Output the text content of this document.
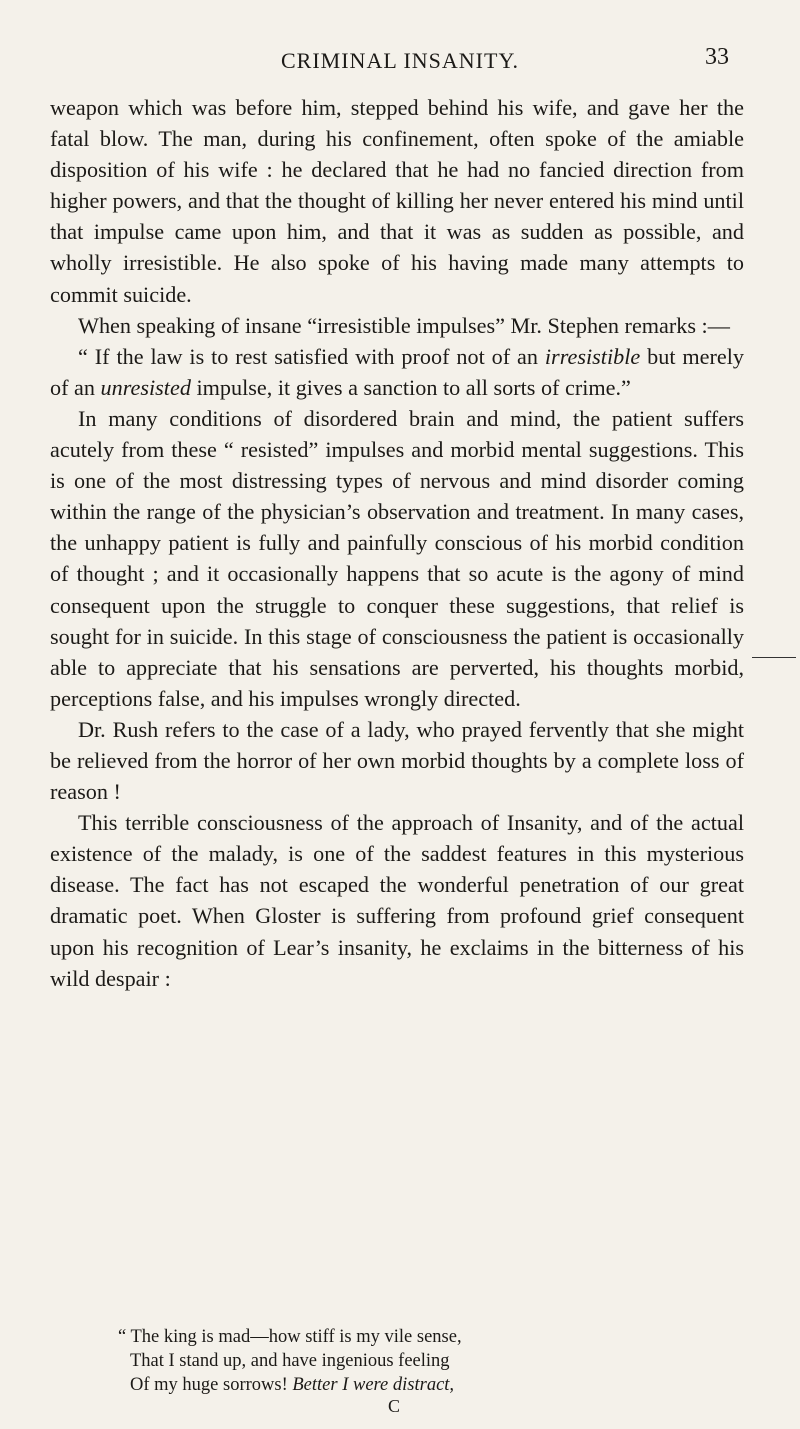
CRIMINAL INSANITY.	33

weapon which was before him, stepped behind his wife, and gave her the fatal blow. The man, during his confinement, often spoke of the amiable disposition of his wife : he declared that he had no fancied direction from higher powers, and that the thought of killing her never entered his mind until that impulse came upon him, and that it was as sudden as possible, and wholly irresistible. He also spoke of his having made many attempts to commit suicide.

When speaking of insane “irresistible impulses” Mr. Stephen remarks :—

“ If the law is to rest satisfied with proof not of an irresistible but merely of an unresisted impulse, it gives a sanction to all sorts of crime.”

In many conditions of disordered brain and mind, the patient suffers acutely from these “ resisted” impulses and morbid mental suggestions. This is one of the most distressing types of nervous and mind disorder coming within the range of the physician’s observation and treatment. In many cases, the unhappy patient is fully and painfully conscious of his morbid condition of thought ; and it occasionally happens that so acute is the agony of mind consequent upon the struggle to conquer these suggestions, that relief is sought for in suicide. In this stage of consciousness the patient is occasionally able to appreciate that his sensations are perverted, his thoughts morbid, perceptions false, and his impulses wrongly directed.

Dr. Rush refers to the case of a lady, who prayed fervently that she might be relieved from the horror of her own morbid thoughts by a complete loss of reason !

This terrible consciousness of the approach of Insanity, and of the actual existence of the malady, is one of the saddest features in this mysterious disease. The fact has not escaped the wonderful penetration of our great dramatic poet. When Gloster is suffering from profound grief consequent upon his recognition of Lear’s insanity, he exclaims in the bitterness of his wild despair :

“ The king is mad—how stiff is my vile sense,
That I stand up, and have ingenious feeling
Of my huge sorrows! Better I were distract,
C
